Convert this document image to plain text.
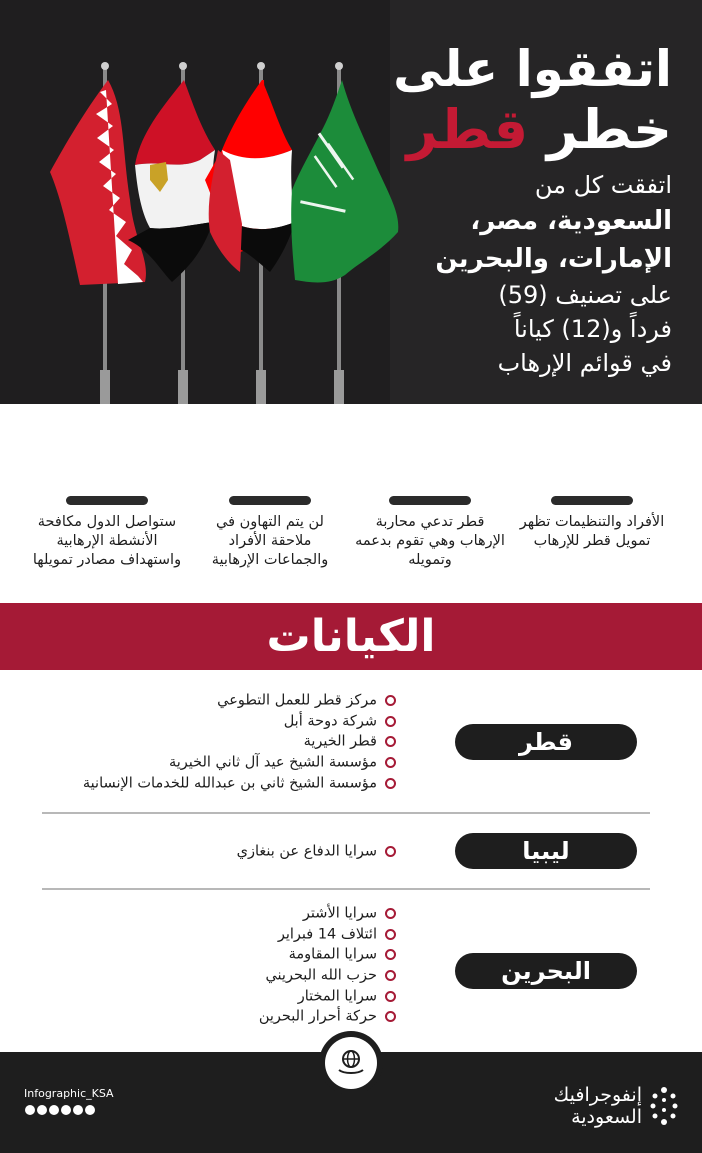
اتفقوا على
خطر قطر
اتفقت كل من
السعودية، مصر،
الإمارات، والبحرين
على تصنيف (59)
فرداً و(12) كياناً
في قوائم الإرهاب
الأفراد والتنظيمات تظهر تمويل قطر للإرهاب
قطر تدعي محاربة الإرهاب وهي تقوم بدعمه وتمويله
لن يتم التهاون في ملاحقة الأفراد والجماعات الإرهابية
ستواصل الدول مكافحة الأنشطة الإرهابية واستهداف مصادر تمويلها
الكيانات
قطر
مركز قطر للعمل التطوعي
شركة دوحة أبل
قطر الخيرية
مؤسسة الشيخ عيد آل ثاني الخيرية
مؤسسة الشيخ ثاني بن عبدالله للخدمات الإنسانية
ليبيا
سرايا الدفاع عن بنغازي
البحرين
سرايا الأشتر
ائتلاف 14 فبراير
سرايا المقاومة
حزب الله البحريني
سرايا المختار
حركة أحرار البحرين
Infographic_KSA	إنفوجرافيك
السعودية
